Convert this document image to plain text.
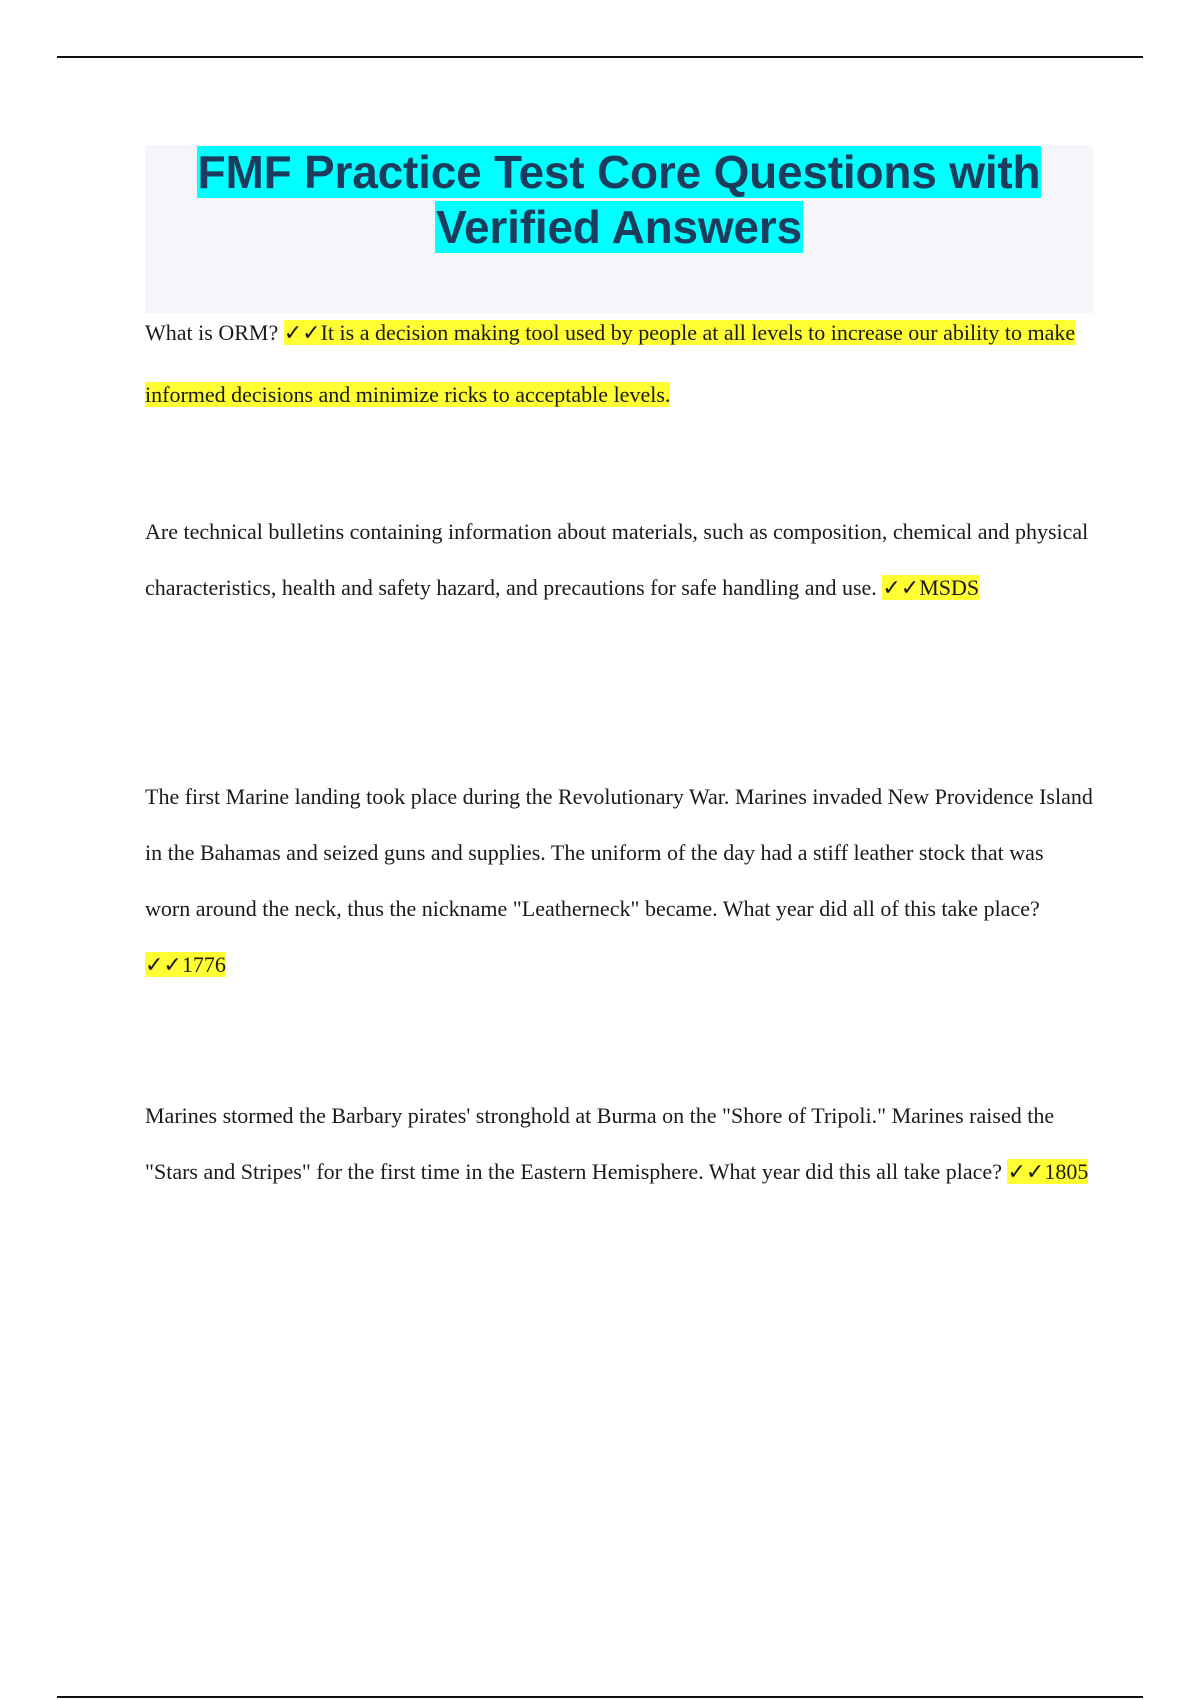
FMF Practice Test Core Questions with
Verified Answers

What is ORM? ✓✓It is a decision making tool used by people at all levels to increase our ability to make informed decisions and minimize ricks to acceptable levels.

Are technical bulletins containing information about materials, such as composition, chemical and physical characteristics, health and safety hazard, and precautions for safe handling and use. ✓✓MSDS

The first Marine landing took place during the Revolutionary War. Marines invaded New Providence Island in the Bahamas and seized guns and supplies. The uniform of the day had a stiff leather stock that was worn around the neck, thus the nickname "Leatherneck" became. What year did all of this take place? ✓✓1776

Marines stormed the Barbary pirates' stronghold at Burma on the "Shore of Tripoli." Marines raised the "Stars and Stripes" for the first time in the Eastern Hemisphere. What year did this all take place? ✓✓1805
